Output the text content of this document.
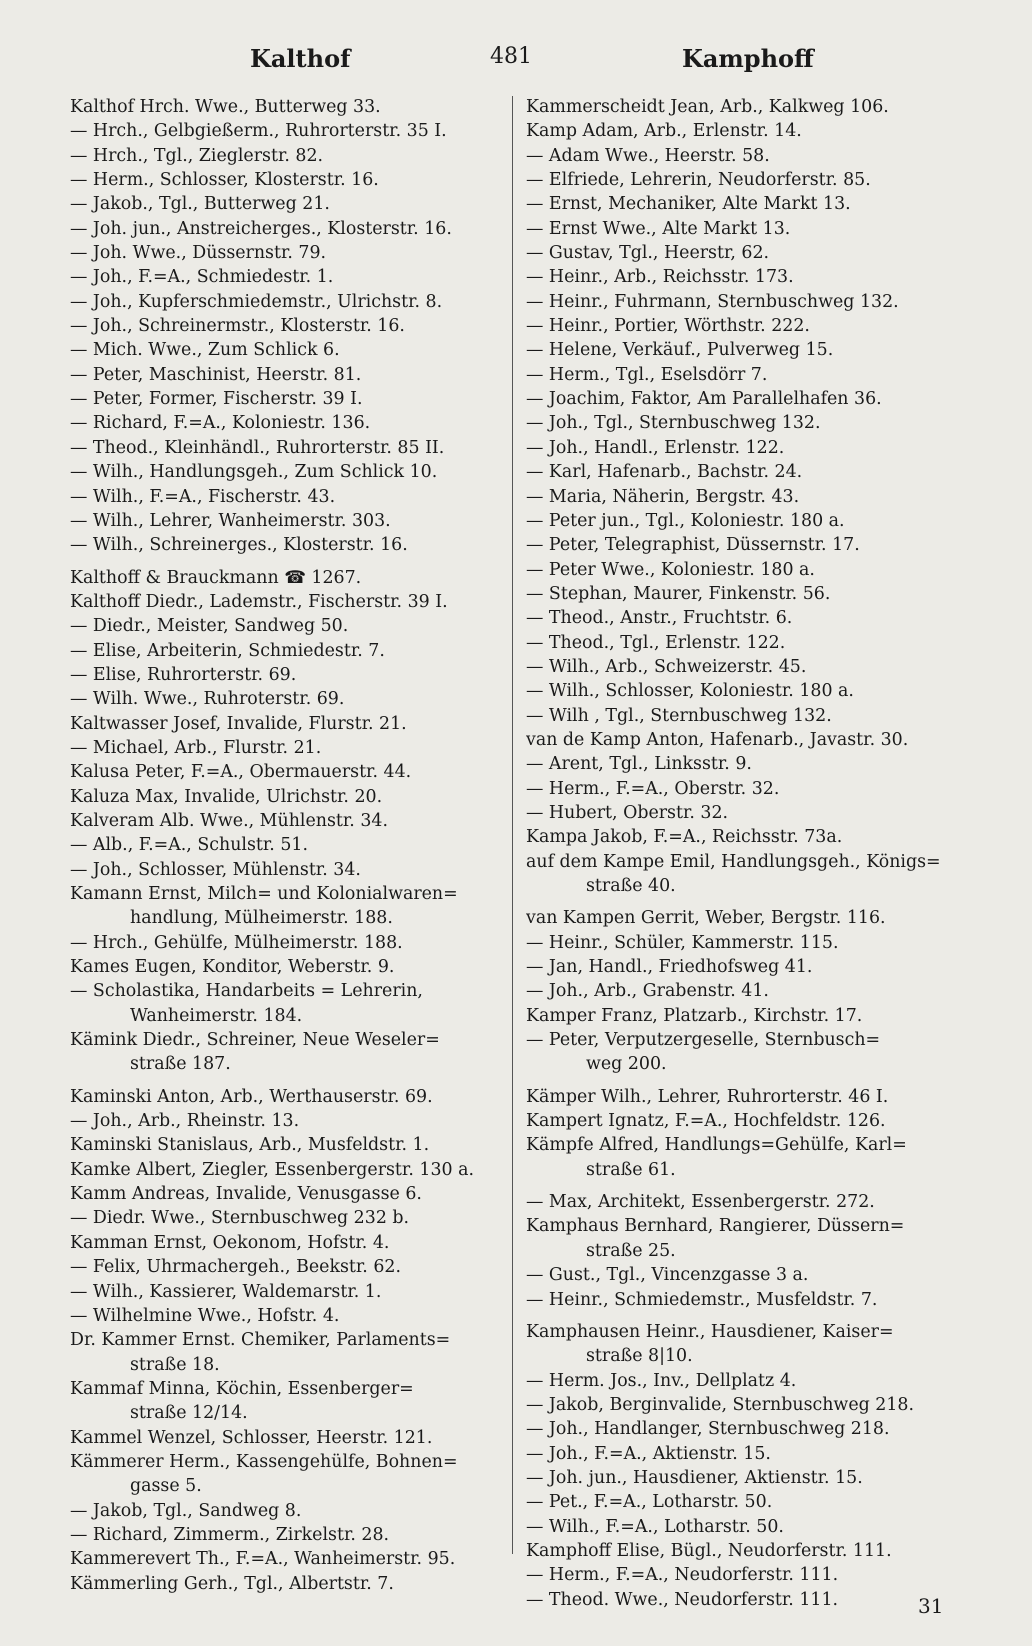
Kalthof	481	Kamphoff
Kalthof Hrch. Wwe., Butterweg 33.
— Hrch., Gelbgießerm., Ruhrorterstr. 35 I.
— Hrch., Tgl., Zieglerstr. 82.
— Herm., Schlosser, Klosterstr. 16.
— Jakob., Tgl., Butterweg 21.
— Joh. jun., Anstreicherges., Klosterstr. 16.
— Joh. Wwe., Düssernstr. 79.
— Joh., F.=A., Schmiedestr. 1.
— Joh., Kupferschmiedemstr., Ulrichstr. 8.
— Joh., Schreinermstr., Klosterstr. 16.
— Mich. Wwe., Zum Schlick 6.
— Peter, Maschinist, Heerstr. 81.
— Peter, Former, Fischerstr. 39 I.
— Richard, F.=A., Koloniestr. 136.
— Theod., Kleinhändl., Ruhrorterstr. 85 II.
— Wilh., Handlungsgeh., Zum Schlick 10.
— Wilh., F.=A., Fischerstr. 43.
— Wilh., Lehrer, Wanheimerstr. 303.
— Wilh., Schreinerges., Klosterstr. 16.
Kalthoff & Brauckmann ☎ 1267.
Kalthoff Diedr., Lademstr., Fischerstr. 39 I.
— Diedr., Meister, Sandweg 50.
— Elise, Arbeiterin, Schmiedestr. 7.
— Elise, Ruhrorterstr. 69.
— Wilh. Wwe., Ruhroterstr. 69.
Kaltwasser Josef, Invalide, Flurstr. 21.
— Michael, Arb., Flurstr. 21.
Kalusa Peter, F.=A., Obermauerstr. 44.
Kaluza Max, Invalide, Ulrichstr. 20.
Kalveram Alb. Wwe., Mühlenstr. 34.
— Alb., F.=A., Schulstr. 51.
— Joh., Schlosser, Mühlenstr. 34.
Kamann Ernst, Milch= und Kolonialwaren=
handlung, Mülheimerstr. 188.
— Hrch., Gehülfe, Mülheimerstr. 188.
Kames Eugen, Konditor, Weberstr. 9.
— Scholastika, Handarbeits = Lehrerin,
Wanheimerstr. 184.
Kämink Diedr., Schreiner, Neue Weseler=
straße 187.
Kaminski Anton, Arb., Werthauserstr. 69.
— Joh., Arb., Rheinstr. 13.
Kaminski Stanislaus, Arb., Musfeldstr. 1.
Kamke Albert, Ziegler, Essenbergerstr. 130 a.
Kamm Andreas, Invalide, Venusgasse 6.
— Diedr. Wwe., Sternbuschweg 232 b.
Kamman Ernst, Oekonom, Hofstr. 4.
— Felix, Uhrmachergeh., Beekstr. 62.
— Wilh., Kassierer, Waldemarstr. 1.
— Wilhelmine Wwe., Hofstr. 4.
Dr. Kammer Ernst. Chemiker, Parlaments=
straße 18.
Kammaf Minna, Köchin, Essenberger=
straße 12/14.
Kammel Wenzel, Schlosser, Heerstr. 121.
Kämmerer Herm., Kassengehülfe, Bohnen=
gasse 5.
— Jakob, Tgl., Sandweg 8.
— Richard, Zimmerm., Zirkelstr. 28.
Kammerevert Th., F.=A., Wanheimerstr. 95.
Kämmerling Gerh., Tgl., Albertstr. 7.
Kammerscheidt Jean, Arb., Kalkweg 106.
Kamp Adam, Arb., Erlenstr. 14.
— Adam Wwe., Heerstr. 58.
— Elfriede, Lehrerin, Neudorferstr. 85.
— Ernst, Mechaniker, Alte Markt 13.
— Ernst Wwe., Alte Markt 13.
— Gustav, Tgl., Heerstr, 62.
— Heinr., Arb., Reichsstr. 173.
— Heinr., Fuhrmann, Sternbuschweg 132.
— Heinr., Portier, Wörthstr. 222.
— Helene, Verkäuf., Pulverweg 15.
— Herm., Tgl., Eselsdörr 7.
— Joachim, Faktor, Am Parallelhafen 36.
— Joh., Tgl., Sternbuschweg 132.
— Joh., Handl., Erlenstr. 122.
— Karl, Hafenarb., Bachstr. 24.
— Maria, Näherin, Bergstr. 43.
— Peter jun., Tgl., Koloniestr. 180 a.
— Peter, Telegraphist, Düssernstr. 17.
— Peter Wwe., Koloniestr. 180 a.
— Stephan, Maurer, Finkenstr. 56.
— Theod., Anstr., Fruchtstr. 6.
— Theod., Tgl., Erlenstr. 122.
— Wilh., Arb., Schweizerstr. 45.
— Wilh., Schlosser, Koloniestr. 180 a.
— Wilh , Tgl., Sternbuschweg 132.
van de Kamp Anton, Hafenarb., Javastr. 30.
— Arent, Tgl., Linksstr. 9.
— Herm., F.=A., Oberstr. 32.
— Hubert, Oberstr. 32.
Kampa Jakob, F.=A., Reichsstr. 73a.
auf dem Kampe Emil, Handlungsgeh., Königs=
straße 40.
van Kampen Gerrit, Weber, Bergstr. 116.
— Heinr., Schüler, Kammerstr. 115.
— Jan, Handl., Friedhofsweg 41.
— Joh., Arb., Grabenstr. 41.
Kamper Franz, Platzarb., Kirchstr. 17.
— Peter, Verputzergeselle, Sternbusch=
weg 200.
Kämper Wilh., Lehrer, Ruhrorterstr. 46 I.
Kampert Ignatz, F.=A., Hochfeldstr. 126.
Kämpfe Alfred, Handlungs=Gehülfe, Karl=
straße 61.
— Max, Architekt, Essenbergerstr. 272.
Kamphaus Bernhard, Rangierer, Düssern=
straße 25.
— Gust., Tgl., Vincenzgasse 3 a.
— Heinr., Schmiedemstr., Musfeldstr. 7.
Kamphausen Heinr., Hausdiener, Kaiser=
straße 8|10.
— Herm. Jos., Inv., Dellplatz 4.
— Jakob, Berginvalide, Sternbuschweg 218.
— Joh., Handlanger, Sternbuschweg 218.
— Joh., F.=A., Aktienstr. 15.
— Joh. jun., Hausdiener, Aktienstr. 15.
— Pet., F.=A., Lotharstr. 50.
— Wilh., F.=A., Lotharstr. 50.
Kamphoff Elise, Bügl., Neudorferstr. 111.
— Herm., F.=A., Neudorferstr. 111.
— Theod. Wwe., Neudorferstr. 111.	31
